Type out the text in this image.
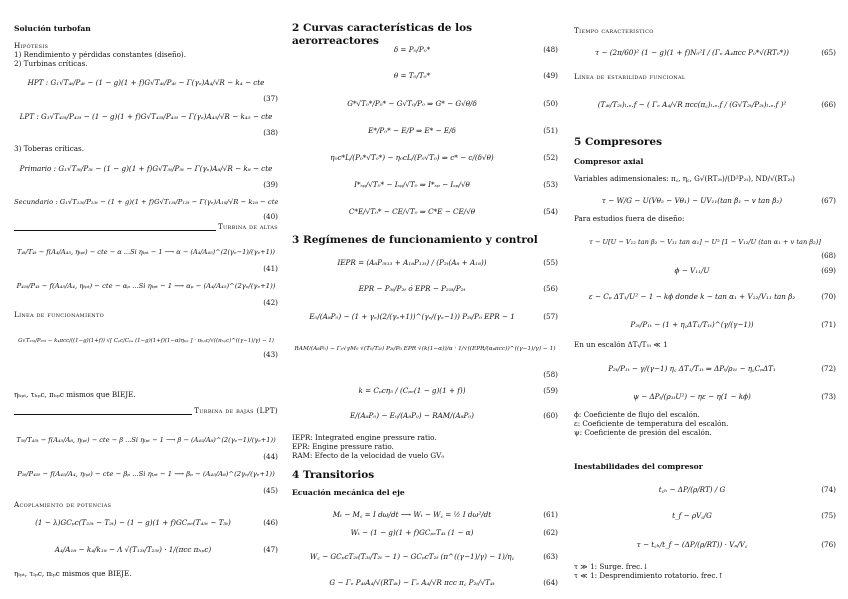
Solución turbofan
Hipótesis
1) Rendimiento y pérdidas constantes (diseño).
2) Turbinas críticas.
HPT : G₁√T₄ₜ/P₄ₜ − (1 − g)(1 + f)G√T₄ₜ/P₄ₜ − Γ(γₑ)A₄/√R − k₄ − cte
(37)
LPT : G₁√T₄₅ₜ/P₄₅ₜ − (1 − g)(1 + f)G√T₄₅ₜ/P₄₅ₜ − Γ(γₑ)A₄₅/√R − k₄₅ − cte
(38)
3) Toberas críticas.
Primario : G₁√T₅ₜ/P₅ₜ − (1 − g)(1 + f)G√T₅ₜ/P₅ₜ − Γ(γₑ)A₈/√R − k₈ − cte
(39)
Secundario : G₁√T₁₃ₜ/P₁₃ₜ − (1 + g)(1 + f)G√T₁₃ₜ/P₁₃ₜ − Γ(γₑ)A₁₈/√R − k₁₈ − cte
(40)
Turbina de altas
T₄ₜ/T₄ₜ − f(A₄/A₄₅, ηₜₚₜ) − cte − α ...Si ηₜₚₜ − 1 ⟶ α − (A₄/A₄₅)^(2(γₑ−1)/(γₑ+1))
(41)
P₄₅ₜ/P₄ₜ − f(A₄₅/A₄, ηₜₚₜ) − cte − αₚ ...Si ηₜₚₜ − 1 ⟶ αₚ − (A₄/A₄₅)^(2γₑ/(γₑ+1))
(42)
Línea de funcionamiento
G√T₂₅ₜ/P₂₅ₜ − k₄πcc/((1−g)(1+f)) √[ Cₚc/Cₚₑ (1−g)(1+f)(1−α)ηₜₚₜ ] · πₕₚc/√((πₕₚc)^((γ−1)/γ) − 1)
(43)
ηₕₚₜ, τₕₚc, πₕₚc mismos que BIEJE.
Turbina de bajas (LPT)
T₅ₜ/T₄₅ₜ − f(A₄₅/A₈, ηₗₚₜ) − cte − β ...Si ηₗₚₜ − 1 ⟶ β − (A₄₅/A₈)^(2(γₑ−1)/(γₑ+1))
(44)
P₅ₜ/P₄₅ₜ − f(A₄₅/A₄, ηₗₚₜ) − cte − βₚ ...Si ηₗₚₜ − 1 ⟶ βₚ − (A₄₅/A₈)^(2γₑ/(γₑ+1))
(45)
Acoplamiento de potencias
(1 − λ)GCₚc(T₂₅ₜ − T₂ₜ) − (1 − g)(1 + f)GCₚₑ(T₄₅ₜ − T₅ₜ)	(46)
A₄/A₁₈ − k₄/k₁₈ − Λ √(T₁₃ₜ/T₂₅ₜ) · 1/(πcc πₕₚc)	(47)
ηₗₚₜ, τₗₚc, πₗₚc mismos que BIEJE.
2 Curvas características de los aerorreactores
δ = P₀/P₀*	(48)
θ = T₀/T₀*	(49)
G*√T₀*/P₀* − G√T₀/P₀ ⇒ G* − G√θ/δ	(50)
E*/P₀* − E/P ⇒ E* − E/δ	(51)
η₀c*L/(P₀*√T₀*) − η₀cL/(P₀√T₀) ⇒ c* − c/(δ√θ)	(52)
I*ₛₚ/√T₀* − Iₛₚ/√T₀ ⇒ I*ₛₚ − Iₛₚ/√θ	(53)
C*E/√T₀* − CE/√T₀ ⇒ C*E − CE/√θ	(54)
3 Regímenes de funcionamiento y control
IEPR = (A₈P₅ₜ₁₃ + A₁₈P₁₃ₜ) / (P₂ₜ(A₈ + A₁₈))	(55)
EPR − P₅ₜ/P₂ₜ ó EPR − P₂₅ₜ/P₂ₜ	(56)
E₀/(A₈P₀) − (1 + γₑ)(2/(γₑ+1))^(γₑ/(γₑ−1)) P₂ₜ/P₀ EPR − 1	(57)
RAM/(A₈P₀) − Γₑ√γM₀ √(T₀/T₂ₜ) P₂ₜ/P₀ EPR √(k(1−α))/α · 1/√((EPR/(αₚπcc))^((γ−1)/γ) − 1)
(58)
k = Cₚcη₅ / (Cₚₑ(1 − g)(1 + f))	(59)
E/(A₈P₀) − E₀/(A₈P₀) − RAM/(A₈P₀)	(60)
IEPR: Integrated engine pressure ratio.
EPR: Engine pressure ratio.
RAM: Efecto de la velocidad de vuelo GV₀
4 Transitorios
Ecuación mecánica del eje
Mₜ − M꜀ = I dω/dt ⟶ Wₜ − W꜀ = ½ I dω²/dt	(61)
Wₜ − (1 − g)(1 + f)GCₚₑT₄ₜ (1 − α)	(62)
W꜀ − GCₚcT₂ₜ(T₃ₜ/T₂ₜ − 1) − GCₚcT₂ₜ (π^((γ−1)/γ) − 1)/η꜀	(63)
G − Γₑ P₄ₜA₄/√(RT₄ₜ) − Γₑ A₄/√R πcc π꜀ P₂ₜ/√T₄ₜ	(64)
Tiempo característico
τ − (2π/60)² (1 − g)(1 + f)N₀²I / (Γₑ A₄πcc P₀*√(RT₀*))	(65)
Línea de estabilidad funcional
(T₄ₜ/T₂ₜ)ₗ.ₑ.f − ( Γₑ A₄/√R πcc(π꜀)ₗ.ₑ.f / (G√T₂ₜ/P₂ₜ)ₗ.ₑ.f )²	(66)
5 Compresores
Compresor axial
Variables adimensionales: π꜀, η꜀, G√(RT₂ₜ)/(D²P₂ₜ), ND/√(RT₂ₜ)
τ − W/G − U(Vθ₂ − Vθ₁) − UV₁₁(tan β₁ − v tan β₂)	(67)
Para estudios fuera de diseño:
τ − U[U − V₁₂ tan β₂ − V₁₁ tan α₁] − U² [1 − V₁₂/U (tan α₁ + v tan β₂)]
(68)
ϕ − V₁₁/U	(69)
ε − Cₚ ΔT₁/U² − 1 − kϕ donde k − tan α₁ + V₁₂/V₁₁ tan β₂	(70)
P₂ₜ/P₁ₜ − (1 + η꜀ΔT₁/T₁ₜ)^(γ/(γ−1))	(71)
En un escalón ΔTₜ/T₁ₜ ≪ 1
P₂ₜ/P₁ₜ − γ/(γ−1) η꜀ ΔT₁/T₁ₜ ⇒ ΔPₜ/ρ₁ₜ − η꜀CₚΔT₁	(72)
ψ − ΔPₜ/(ρ₁ₜU²) − ηε − η(1 − kϕ)	(73)
ϕ: Coeficiente de flujo del escalón.
ε: Coeficiente de temperatura del escalón.
ψ: Coeficiente de presión del escalón.
Inestabilidades del compresor
t꜀ₕ − ΔP/(ρ/RT) / G	(74)
t_f − ρV꜀/G	(75)
τ − t꜀ₕ/t_f − (ΔP/(ρ/RT)) · Vₚ/V꜀	(76)
τ ≫ 1: Surge. frec.↓
τ ≪ 1: Desprendimiento rotatorio. frec.↑
